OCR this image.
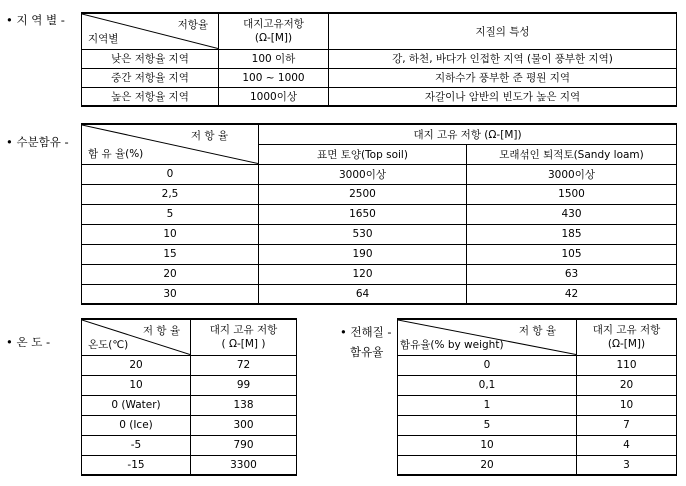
• 지 역 별 -	저항율
지역별	대지고유저항
(Ω-[M])	지질의 특성
낮은 저항율 지역	100 이하	강, 하천, 바다가 인접한 지역 (물이 풍부한 지역)
중간 저항율 지역	100 ~ 1000	지하수가 풍부한 준 평원 지역
높은 저항율 지역	1000이상	자갈이나 암반의 빈도가 높은 지역
• 수분함유 -	저 항 율
함 유 율(%)	대지 고유 저항 (Ω-[M])	
	표면 토양(Top soil)	모래섞인 퇴적토(Sandy loam)
0	3000이상	3000이상
2,5	2500	1500
5	1650	430
10	530	185
15	190	105
20	120	63
30	64	42
• 온 도 -
저 항 율
온도(℃)	대지 고유 저항
( Ω-[M] )
20	72
10	99
0 (Water)	138
0 (Ice)	300
-5	790
-15	3300
• 전해질 -
함유율
저 항 율
함유율(% by weight)	대지 고유 저항
(Ω-[M])
0	110
0,1	20
1	10
5	7
10	4
20	3
